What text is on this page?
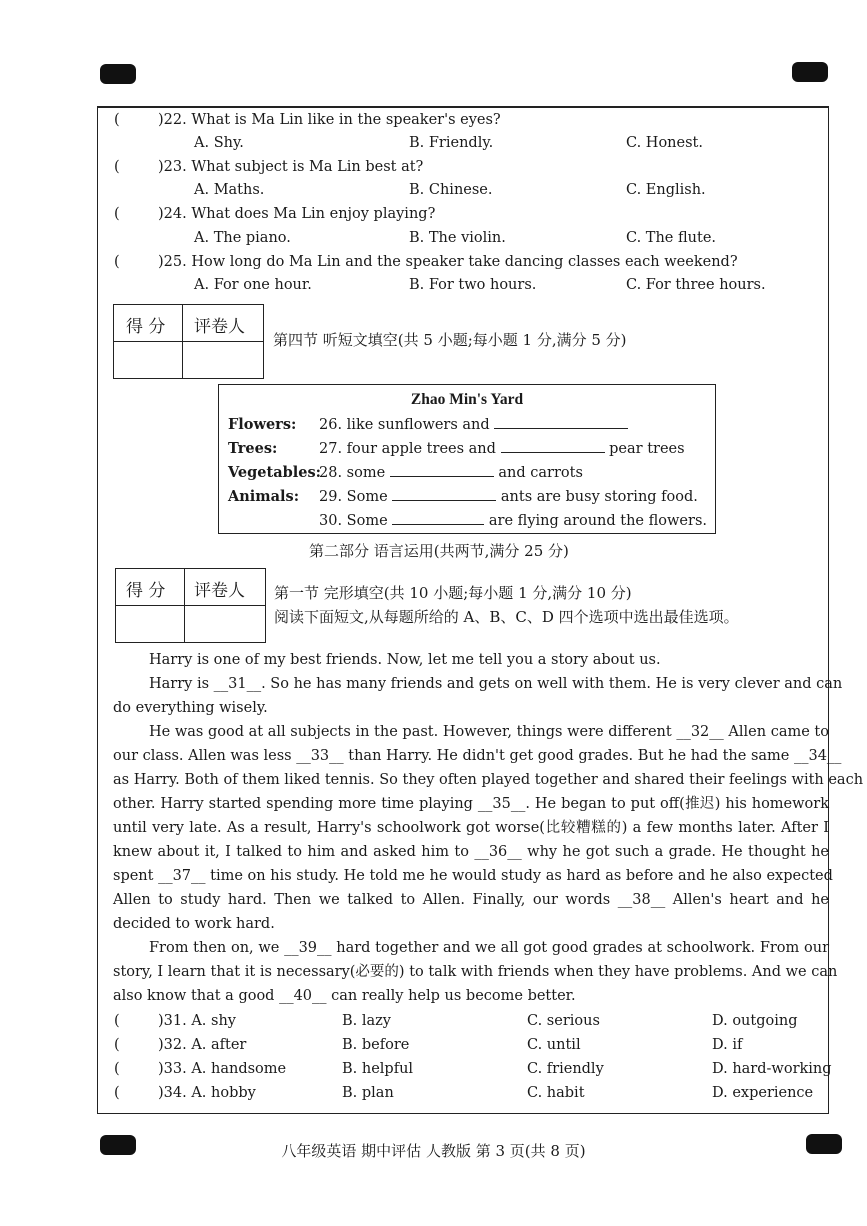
(	)22. What is Ma Lin like in the speaker's eyes?
A. Shy.	B. Friendly.	C. Honest.
(	)23. What subject is Ma Lin best at?
A. Maths.	B. Chinese.	C. English.
(	)24. What does Ma Lin enjoy playing?
A. The piano.	B. The violin.	C. The flute.
(	)25. How long do Ma Lin and the speaker take dancing classes each weekend?
A. For one hour.	B. For two hours.	C. For three hours.
得 分 评卷人
第四节 听短文填空(共 5 小题;每小题 1 分,满分 5 分)
Zhao Min's Yard
Flowers: 26. like sunflowers and
Trees:	27. four apple trees and	pear trees
Vegetables:
28. some	and carrots
Animals: 29. Some	ants are busy storing food.
30. Some	are flying around the flowers.
第二部分 语言运用(共两节,满分 25 分)
得 分 评卷人 第一节 完形填空(共 10 小题;每小题 1 分,满分 10 分)
阅读下面短文,从每题所给的 A、B、C、D 四个选项中选出最佳选项。
Harry is one of my best friends. Now, let me tell you a story about us.
Harry is __31__. So he has many friends and gets on well with them. He is very clever and can
do everything wisely.
He was good at all subjects in the past. However, things were different __32__ Allen came to
our class. Allen was less __33__ than Harry. He didn't get good grades. But he had the same __34__
as Harry. Both of them liked tennis. So they often played together and shared their feelings with each
other. Harry started spending more time playing __35__. He began to put off(推迟) his homework
until very late. As a result, Harry's schoolwork got worse(比较糟糕的) a few months later. After I
knew about it, I talked to him and asked him to __36__ why he got such a grade. He thought he
spent __37__ time on his study. He told me he would study as hard as before and he also expected
Allen to study hard. Then we talked to Allen. Finally, our words __38__ Allen's heart and he
decided to work hard.
From then on, we __39__ hard together and we all got good grades at schoolwork. From our
story, I learn that it is necessary(必要的) to talk with friends when they have problems. And we can
also know that a good __40__ can really help us become better.
(	)31. A. shy	B. lazy	C. serious	D. outgoing
(	)32. A. after	B. before	C. until	D. if
(	)33. A. handsome	B. helpful	C. friendly	D. hard-working
(	)34. A. hobby	B. plan	C. habit	D. experience
八年级英语 期中评估 人教版 第 3 页(共 8 页)
